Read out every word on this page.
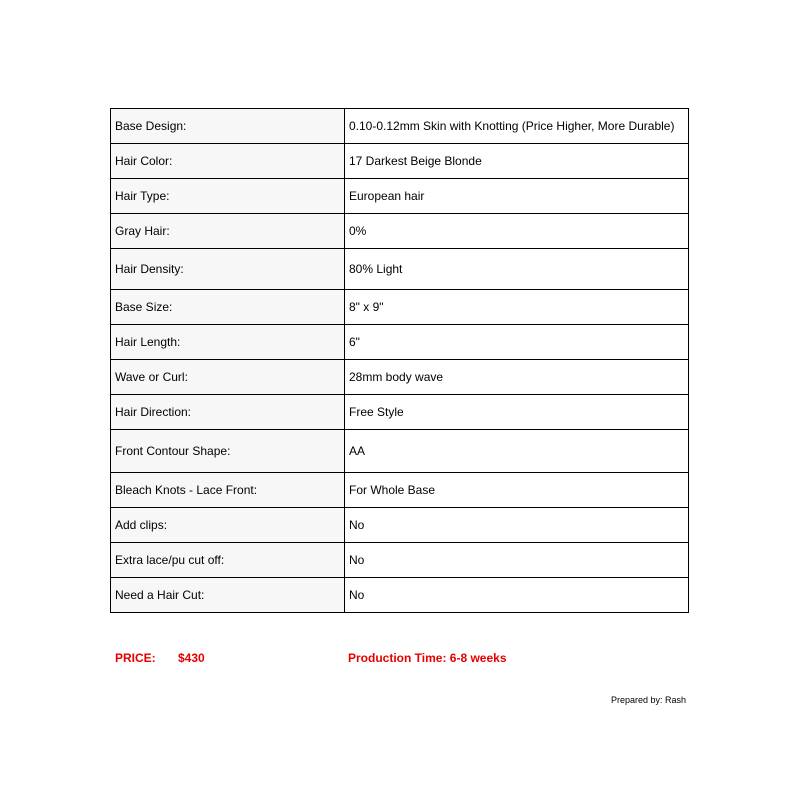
Base Design:	0.10-0.12mm Skin with Knotting (Price Higher, More Durable)
Hair Color:	17 Darkest Beige Blonde
Hair Type:	European hair
Gray Hair:	0%
Hair Density:	80% Light
Base Size:	8" x 9"
Hair Length:	6"
Wave or Curl:	28mm body wave
Hair Direction:	Free Style
Front Contour Shape:	AA
Bleach Knots - Lace Front:	For Whole Base
Add clips:	No
Extra lace/pu cut off:	No
Need a Hair Cut:	No
PRICE: $430	Production Time: 6-8 weeks
Prepared by: Rash
